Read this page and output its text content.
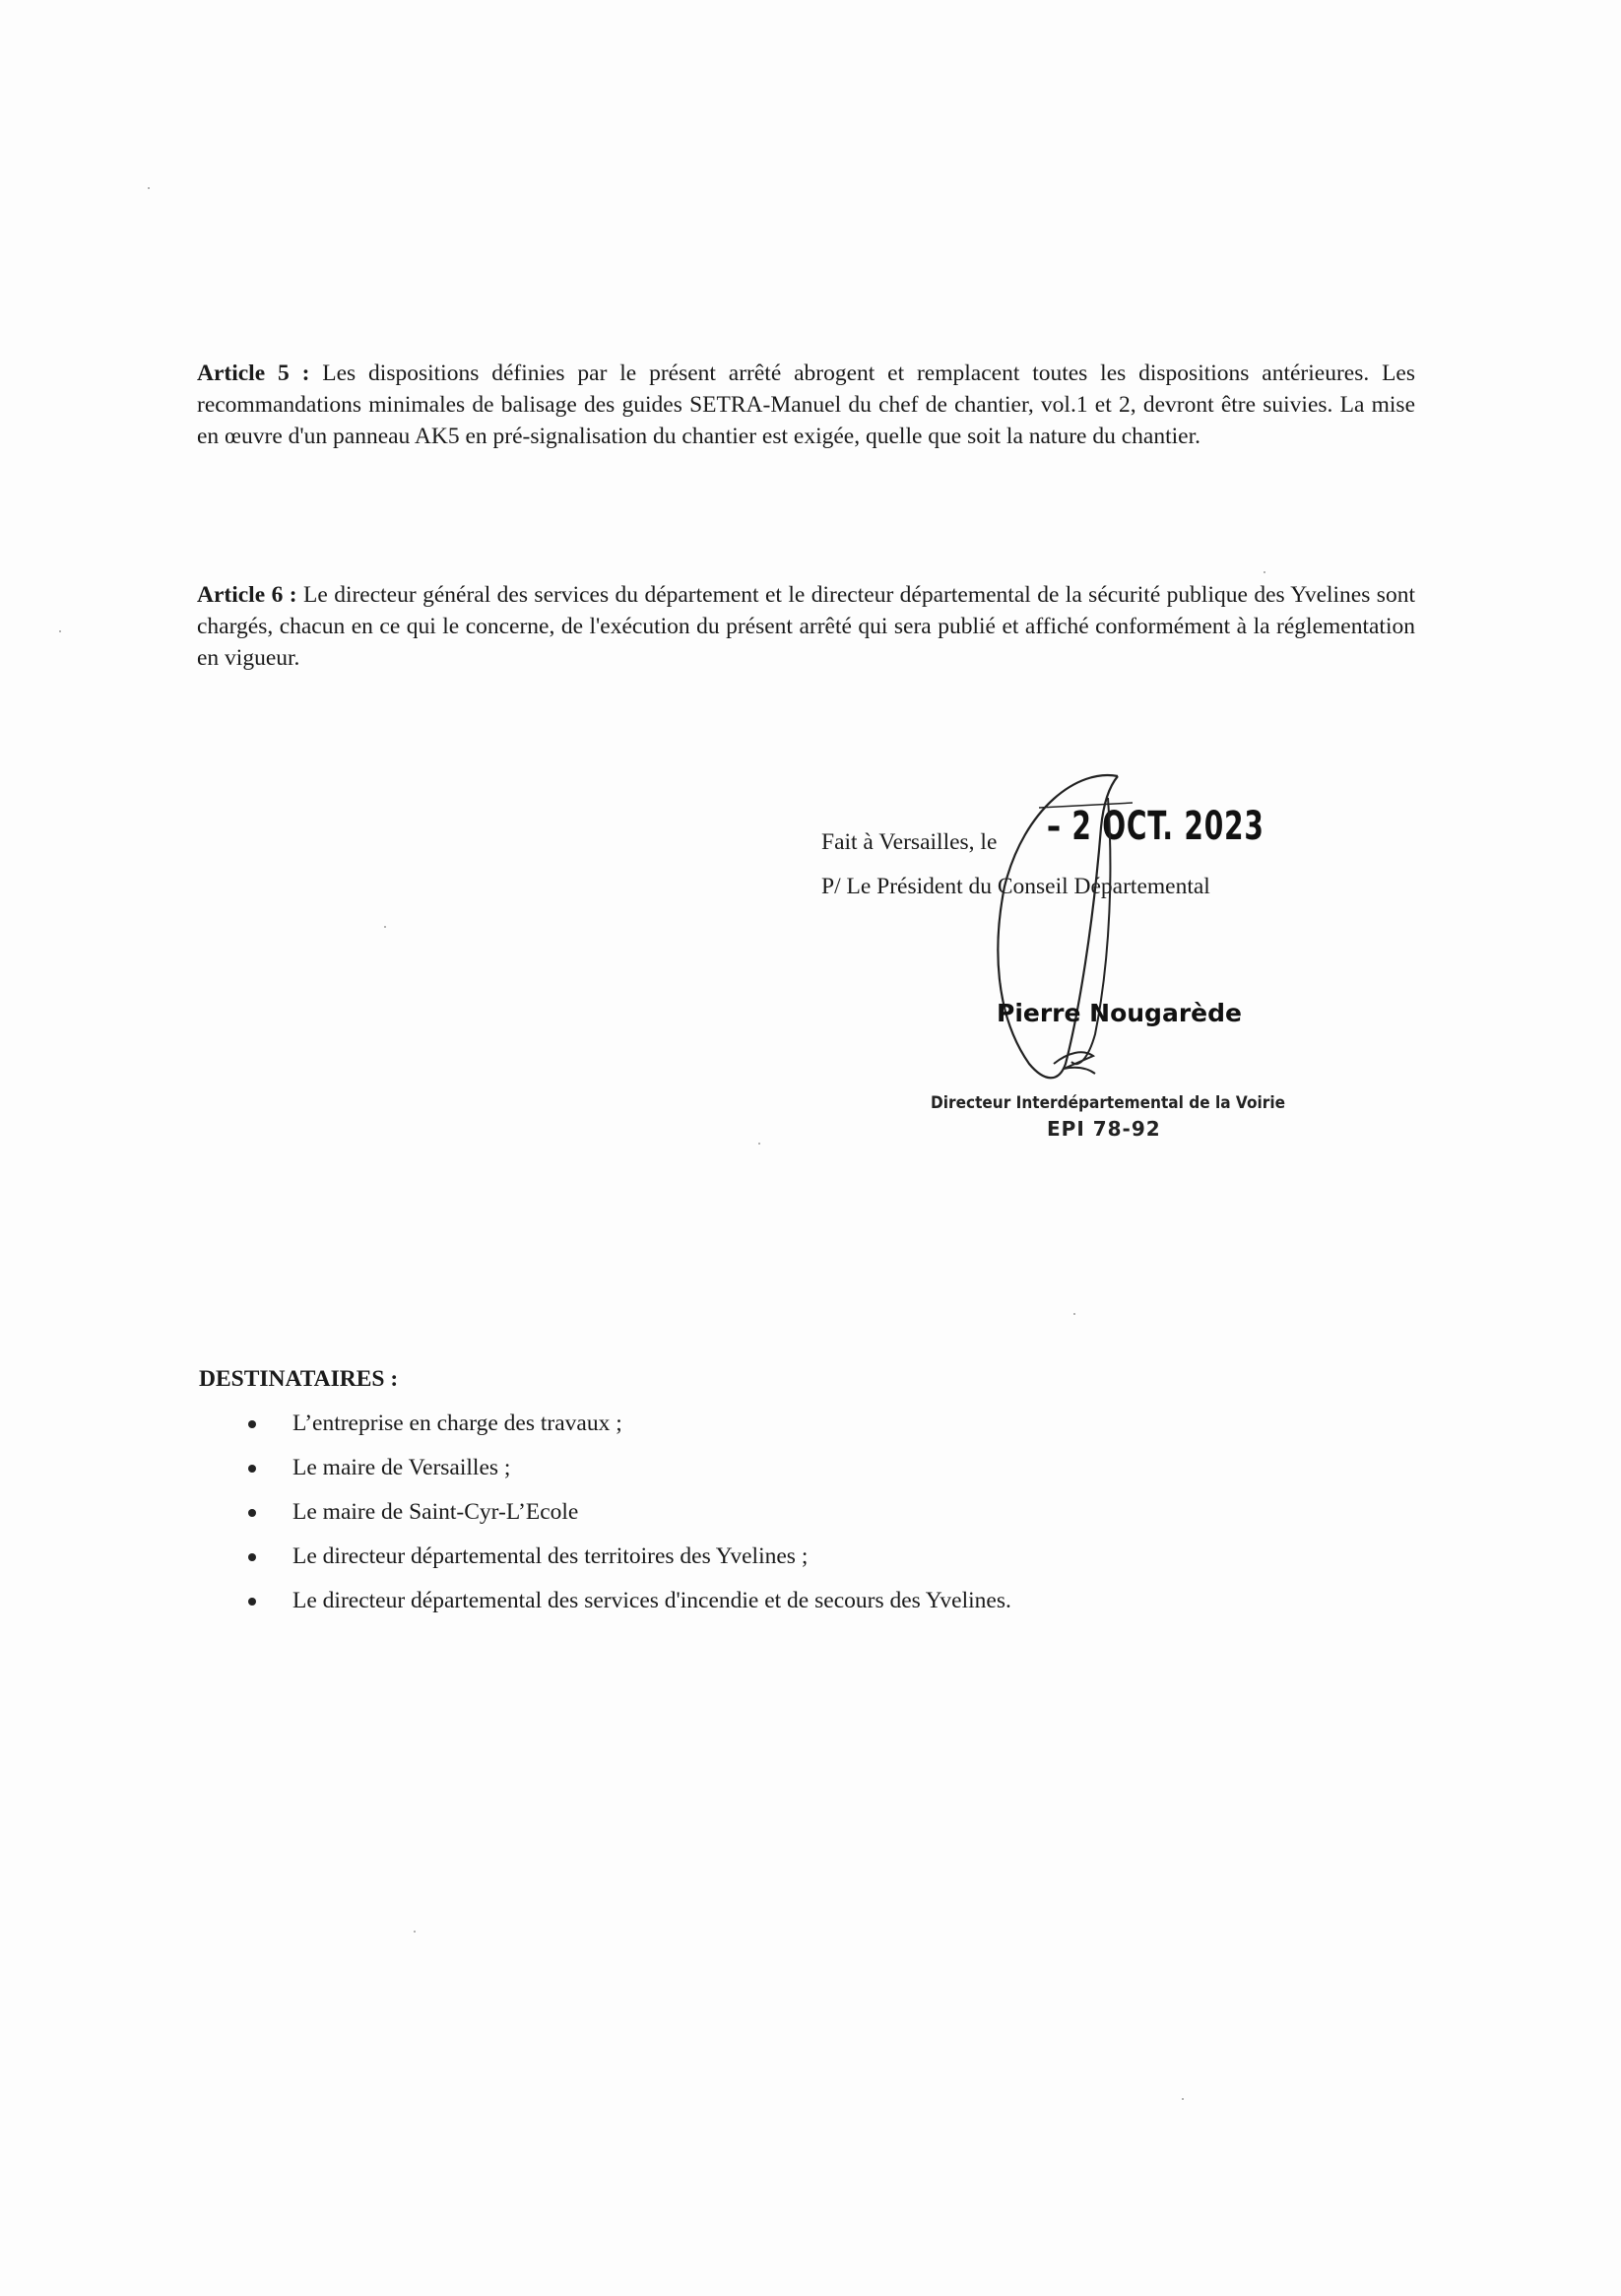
Article 5 : Les dispositions définies par le présent arrêté abrogent et remplacent toutes les dispositions antérieures. Les recommandations minimales de balisage des guides SETRA-Manuel du chef de chantier, vol.1 et 2, devront être suivies. La mise en œuvre d'un panneau AK5 en pré-signalisation du chantier est exigée, quelle que soit la nature du chantier.
Article 6 : Le directeur général des services du département et le directeur départemental de la sécurité publique des Yvelines sont chargés, chacun en ce qui le concerne, de l'exécution du présent arrêté qui sera publié et affiché conformément à la réglementation en vigueur.
Fait à Versailles, le – 2 OCT. 2023
P/ Le Président du Conseil Départemental
Pierre Nougarède
Directeur Interdépartemental de la Voirie
EPI 78-92
DESTINATAIRES :
L’entreprise en charge des travaux ;
Le maire de Versailles ;
Le maire de Saint-Cyr-L’Ecole
Le directeur départemental des territoires des Yvelines ;
Le directeur départemental des services d'incendie et de secours des Yvelines.
